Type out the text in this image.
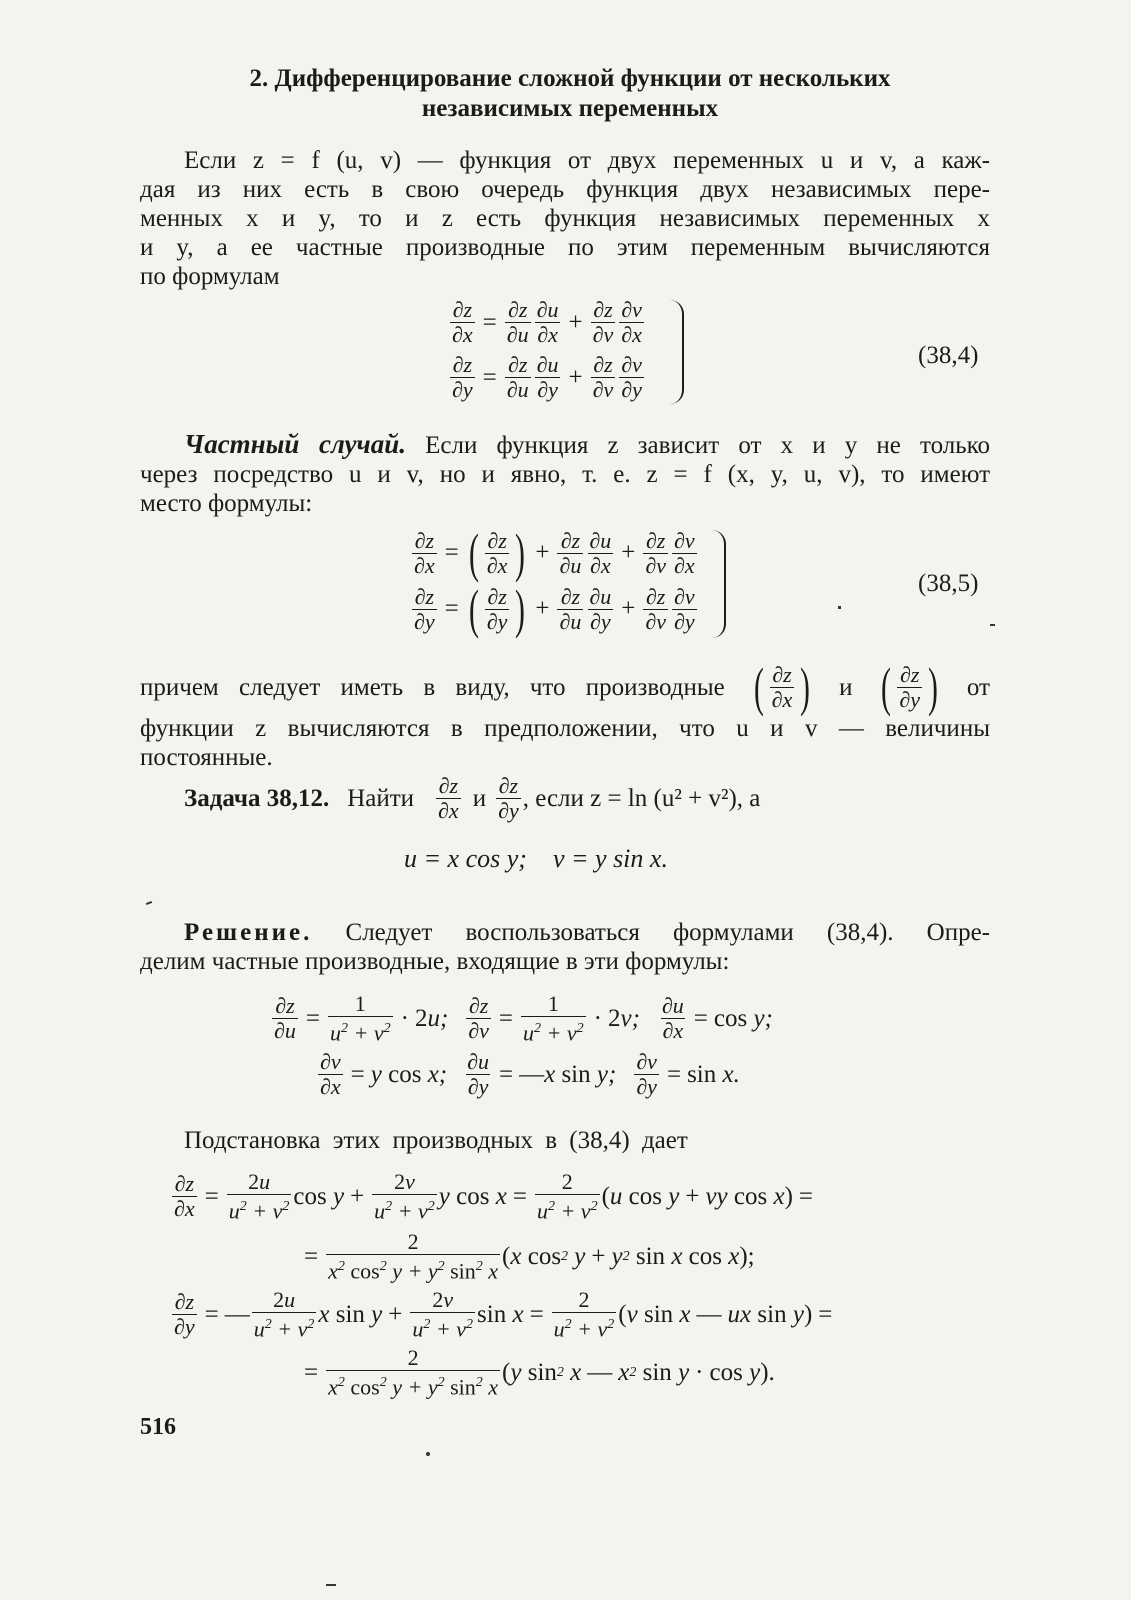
2. Дифференцирование сложной функции от нескольких
независимых переменных
Если z = f (u, v) — функция от двух переменных u и v, а каж-
дая из них есть в свою очередь функция двух независимых пере-
менных x и y, то и z есть функция независимых переменных x
и y, а ее частные производные по этим переменным вычисляются
по формулам
$\frac{\partial z}{\partial x} = \frac{\partial z}{\partial u} \frac{\partial u}{\partial x} + \frac{\partial z}{\partial v} \frac{\partial v}{\partial x}$
$\frac{\partial z}{\partial y} = \frac{\partial z}{\partial u} \frac{\partial u}{\partial y} + \frac{\partial z}{\partial v} \frac{\partial v}{\partial y}$	(38,4)
Частный случай. Если функция z зависит от x и y не только
через посредство u и v, но и явно, т. е. z = f (x, y, u, v), то имеют
место формулы:
$\frac{\partial z}{\partial x}$ = ( $\frac{\partial z}{\partial x}$ ) + $\frac{\partial z}{\partial u} \frac{\partial u}{\partial x} + \frac{\partial z}{\partial v} \frac{\partial v}{\partial x}$
$\frac{\partial z}{\partial y}$ = ( $\frac{\partial z}{\partial y}$ ) + $\frac{\partial z}{\partial u} \frac{\partial u}{\partial y} + \frac{\partial z}{\partial v} \frac{\partial v}{\partial y}$
(38,5)
причем следует иметь в виду, что производные ( $\frac{\partial z}{\partial x}$ ) и ( $\frac{\partial z}{\partial y}$ ) от
функции z вычисляются в предположении, что u и v — величины
постоянные.
Задача 38,12. Найти $\frac{\partial z}{\partial x}$ и $\frac{\partial z}{\partial y}$ , если z = ln (u² + v²), а
u = x cos y;    v = y sin x.
Решение. Следует воспользоваться формулами (38,4). Опре-
делим частные производные, входящие в эти формулы:
$\frac{\partial z}{\partial u} = \frac{1}{u^2 + v^2} \cdot 2$ u; $\frac{\partial z}{\partial v} = \frac{1}{u^2 + v^2} \cdot 2$ v; $\frac{\partial u}{\partial x} = \cos y$;
$\frac{\partial v}{\partial x} = y$ cos x; $\frac{\partial u}{\partial y}$ = — x sin y; $\frac{\partial v}{\partial y} = \sin x$.
Подстановка этих производных в (38,4) дает
$\frac{\partial z}{\partial x} = \frac{2u}{u^2 + v^2}$ $\cos y + \frac{2v}{u^2 + v^2}$ y $\cos x = \frac{2}{u^2 + v^2}$ ( u cos y + vy cos x ) =
= $\frac{2}{x^2 \cos^2 y + y^2 \sin^2 x}$ ( x cos 2 y + y 2
sin x cos x );
$\frac{\partial z}{\partial y}$ = — $\frac{2u}{u^2 + v^2}$ x $\sin y + \frac{2v}{u^2 + v^2}$ $\sin x = \frac{2}{u^2 + v^2}$ ( v sin x — ux sin y ) =
= $\frac{2}{x^2 \cos^2 y + y^2 \sin^2 x}$ ( y sin 2 x — x 2
sin y · cos y ).
516
